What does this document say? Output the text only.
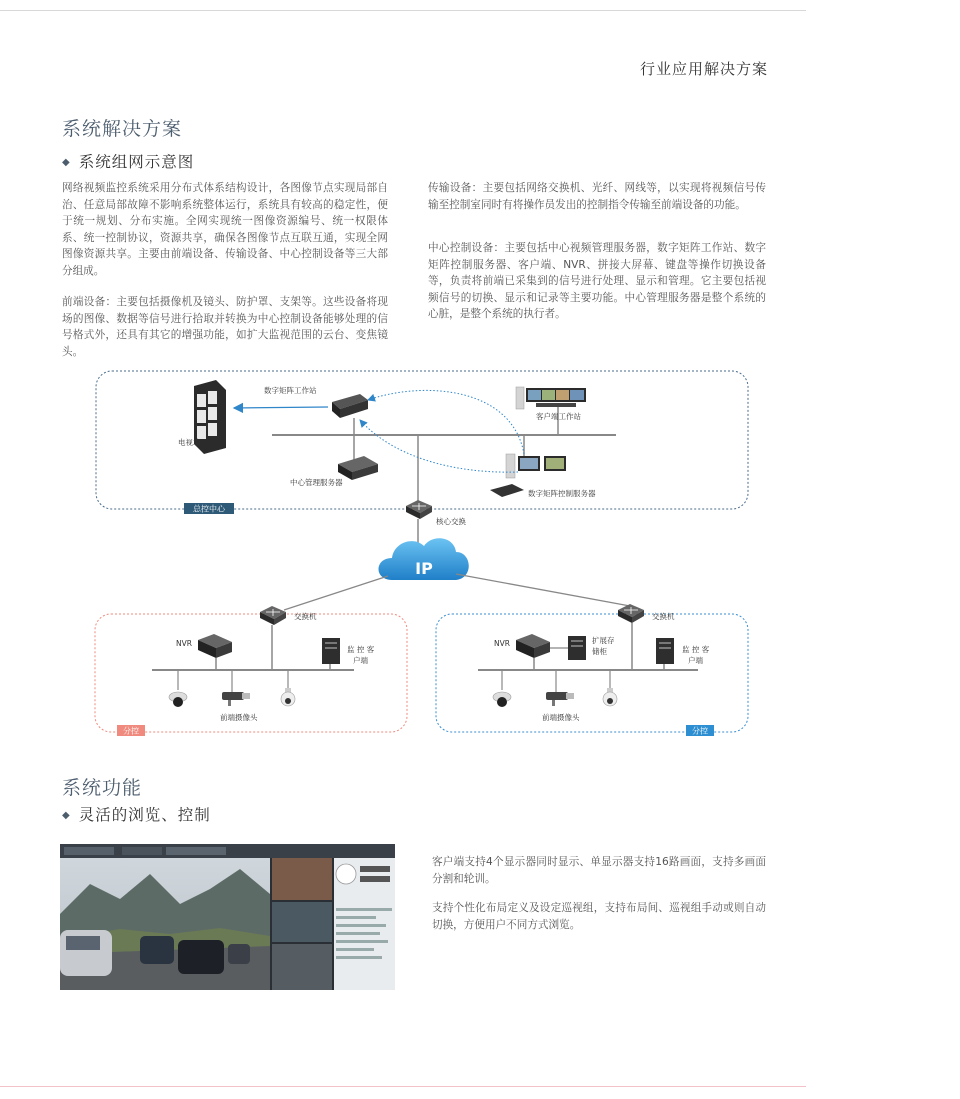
行业应用解决方案
系统解决方案
◆ 系统组网示意图

网络视频监控系统采用分布式体系结构设计，各图像节点实现局部自治、任意局部故障不影响系统整体运行，系统具有较高的稳定性，便于统一规划、分布实施。全网实现统一图像资源编号、统一权限体系、统一控制协议，资源共享，确保各图像节点互联互通，实现全网图像资源共享。主要由前端设备、传输设备、中心控制设备等三大部分组成。

前端设备：主要包括摄像机及镜头、防护罩、支架等。这些设备将现场的图像、数据等信号进行拾取并转换为中心控制设备能够处理的信号格式外，还具有其它的增强功能，如扩大监视范围的云台、变焦镜头。

传输设备：主要包括网络交换机、光纤、网线等，以实现将视频信号传输至控制室同时有将操作员发出的控制指令传输至前端设备的功能。

中心控制设备：主要包括中心视频管理服务器，数字矩阵工作站、数字矩阵控制服务器、客户端、NVR、拼接大屏幕、键盘等操作切换设备等，负责将前端已采集到的信号进行处理、显示和管理。它主要包括视频信号的切换、显示和记录等主要功能。中心管理服务器是整个系统的心脏，是整个系统的执行者。

总控中心
分控	分控
电视墙
数字矩阵工作站
客户端工作站
中心管理服务器
数字矩阵控制服务器
核心交换
IP
交换机
NVR
监 控 客
户端
前端摄像头
交换机
NVR	扩展存
储柜	监 控 客
户端
前端摄像头
系统功能
◆ 灵活的浏览、控制

客户端支持4个显示器同时显示、单显示器支持16路画面，支持多画面分割和轮训。

支持个性化布局定义及设定巡视组，支持布局间、巡视组手动或则自动切换，方便用户不同方式浏览。
